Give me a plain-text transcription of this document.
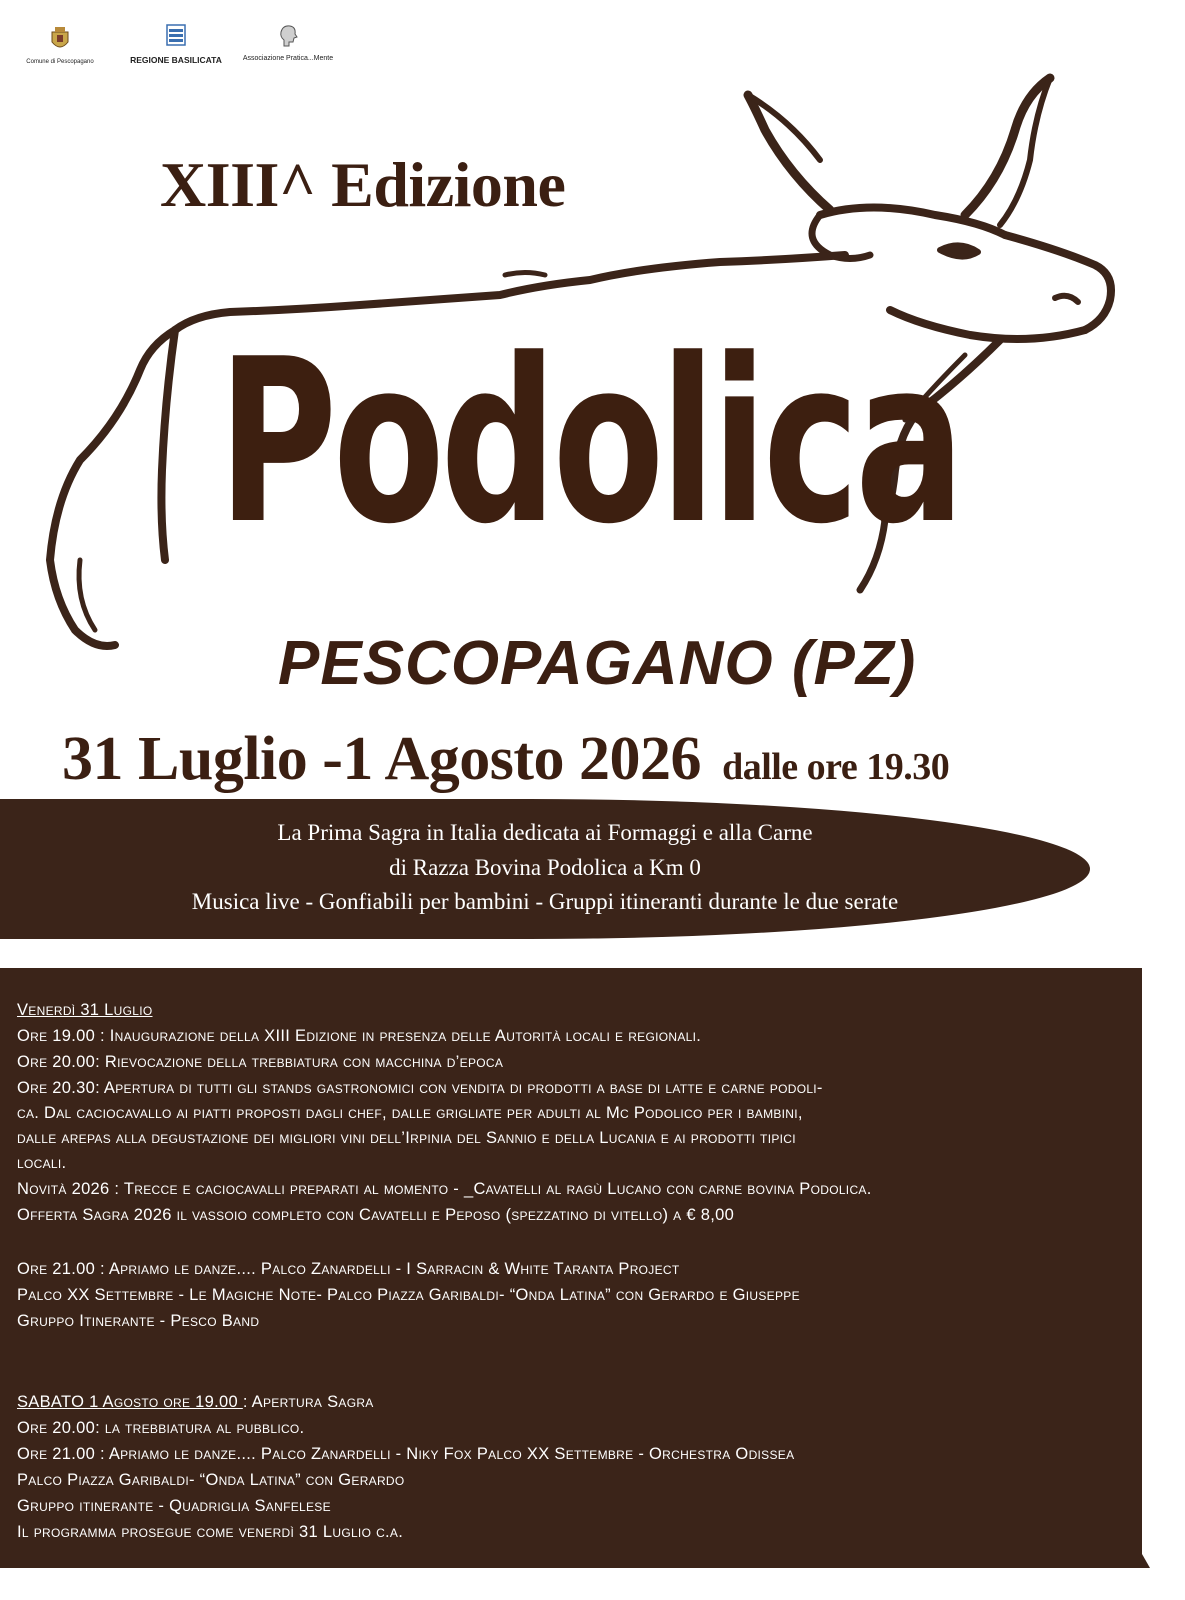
Comune di Pescopagano	REGIONE BASILICATA	Associazione Pratica...Mente
XIII^ Edizione
Podolica
PESCOPAGANO (PZ)
31 Luglio -1 Agosto 2026 dalle ore 19.30
La Prima Sagra in Italia dedicata ai Formaggi e alla Carne
di Razza Bovina Podolica a Km 0
Musica live - Gonfiabili per bambini - Gruppi itineranti durante le due serate
Venerdì 31 Luglio
Ore 19.00 : Inaugurazione della XIII Edizione in presenza delle Autorità locali e regionali.
Ore 20.00: Rievocazione della trebbiatura con macchina d’epoca
Ore 20.30: Apertura di tutti gli stands gastronomici con vendita di prodotti a base di latte e carne podoli-
ca. Dal caciocavallo ai piatti proposti dagli chef, dalle grigliate per adulti al Mc Podolico per i bambini,
dalle arepas alla degustazione dei migliori vini dell’Irpinia del Sannio e della Lucania e ai prodotti tipici
locali.
Novità 2026 : Trecce e caciocavalli preparati al momento - _Cavatelli al ragù Lucano con carne bovina Podolica.
Offerta Sagra 2026 il vassoio completo con Cavatelli e Peposo (spezzatino di vitello) a € 8,00
Ore 21.00 : Apriamo le danze.... Palco Zanardelli - I Sarracin & White Taranta Project
Palco XX Settembre - Le Magiche Note- Palco Piazza Garibaldi- “Onda Latina” con Gerardo e Giuseppe
Gruppo Itinerante - Pesco Band
SABATO 1 Agosto ore 19.00 : Apertura Sagra
Ore 20.00: la trebbiatura al pubblico.
Ore 21.00 : Apriamo le danze.... Palco Zanardelli - Niky Fox Palco XX Settembre - Orchestra Odissea
Palco Piazza Garibaldi- “Onda Latina” con Gerardo
Gruppo itinerante - Quadriglia Sanfelese
Il programma prosegue come venerdì 31 Luglio c.a.
